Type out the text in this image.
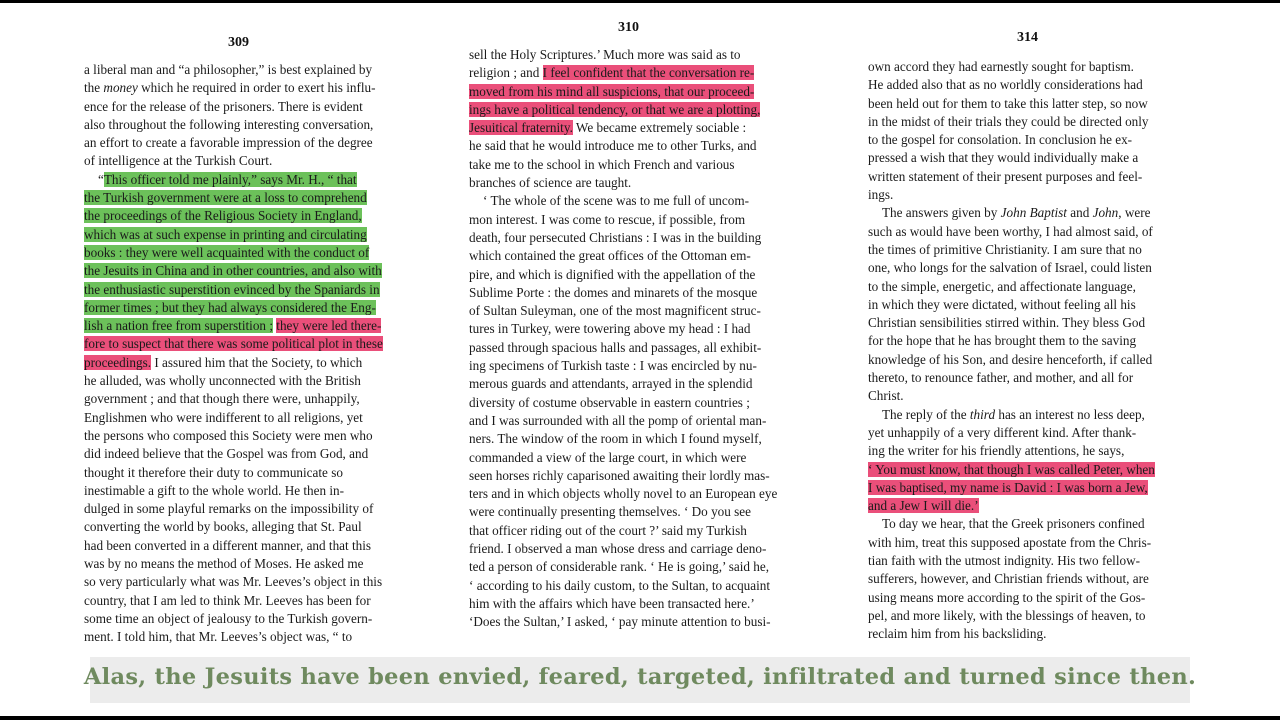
309
310
314
a liberal man and “a philosopher,” is best explained by
the money which he required in order to exert his influ-
ence for the release of the prisoners. There is evident
also throughout the following interesting conversation,
an effort to create a favorable impression of the degree
of intelligence at the Turkish Court.
“This officer told me plainly,” says Mr. H., “ that
the Turkish government were at a loss to comprehend
the proceedings of the Religious Society in England,
which was at such expense in printing and circulating
books : they were well acquainted with the conduct of
the Jesuits in China and in other countries, and also with
the enthusiastic superstition evinced by the Spaniards in
former times ; but they had always considered the Eng-
lish a nation free from superstition ; they were led there-
fore to suspect that there was some political plot in these
proceedings. I assured him that the Society, to which
he alluded, was wholly unconnected with the British
government ; and that though there were, unhappily,
Englishmen who were indifferent to all religions, yet
the persons who composed this Society were men who
did indeed believe that the Gospel was from God, and
thought it therefore their duty to communicate so
inestimable a gift to the whole world. He then in-
dulged in some playful remarks on the impossibility of
converting the world by books, alleging that St. Paul
had been converted in a different manner, and that this
was by no means the method of Moses. He asked me
so very particularly what was Mr. Leeves’s object in this
country, that I am led to think Mr. Leeves has been for
some time an object of jealousy to the Turkish govern-
ment. I told him, that Mr. Leeves’s object was, “ to
sell the Holy Scriptures.’ Much more was said as to
religion ; and I feel confident that the conversation re-
moved from his mind all suspicions, that our proceed-
ings have a political tendency, or that we are a plotting,
Jesuitical fraternity. We became extremely sociable :
he said that he would introduce me to other Turks, and
take me to the school in which French and various
branches of science are taught.
‘ The whole of the scene was to me full of uncom-
mon interest. I was come to rescue, if possible, from
death, four persecuted Christians : I was in the building
which contained the great offices of the Ottoman em-
pire, and which is dignified with the appellation of the
Sublime Porte : the domes and minarets of the mosque
of Sultan Suleyman, one of the most magnificent struc-
tures in Turkey, were towering above my head : I had
passed through spacious halls and passages, all exhibit-
ing specimens of Turkish taste : I was encircled by nu-
merous guards and attendants, arrayed in the splendid
diversity of costume observable in eastern countries ;
and I was surrounded with all the pomp of oriental man-
ners. The window of the room in which I found myself,
commanded a view of the large court, in which were
seen horses richly caparisoned awaiting their lordly mas-
ters and in which objects wholly novel to an European eye
were continually presenting themselves. ‘ Do you see
that officer riding out of the court ?’ said my Turkish
friend. I observed a man whose dress and carriage deno-
ted a person of considerable rank. ‘ He is going,’ said he,
‘ according to his daily custom, to the Sultan, to acquaint
him with the affairs which have been transacted here.’
‘Does the Sultan,’ I asked, ‘ pay minute attention to busi-
own accord they had earnestly sought for baptism.
He added also that as no worldly considerations had
been held out for them to take this latter step, so now
in the midst of their trials they could be directed only
to the gospel for consolation. In conclusion he ex-
pressed a wish that they would individually make a
written statement of their present purposes and feel-
ings.
The answers given by John Baptist and John, were
such as would have been worthy, I had almost said, of
the times of primitive Christianity. I am sure that no
one, who longs for the salvation of Israel, could listen
to the simple, energetic, and affectionate language,
in which they were dictated, without feeling all his
Christian sensibilities stirred within. They bless God
for the hope that he has brought them to the saving
knowledge of his Son, and desire henceforth, if called
thereto, to renounce father, and mother, and all for
Christ.
The reply of the third has an interest no less deep,
yet unhappily of a very different kind. After thank-
ing the writer for his friendly attentions, he says,
‘ You must know, that though I was called Peter, when
I was baptised, my name is David : I was born a Jew,
and a Jew I will die.’
To day we hear, that the Greek prisoners confined
with him, treat this supposed apostate from the Chris-
tian faith with the utmost indignity. His two fellow-
sufferers, however, and Christian friends without, are
using means more according to the spirit of the Gos-
pel, and more likely, with the blessings of heaven, to
reclaim him from his backsliding.
Alas, the Jesuits have been envied, feared, targeted, infiltrated and turned since then.
